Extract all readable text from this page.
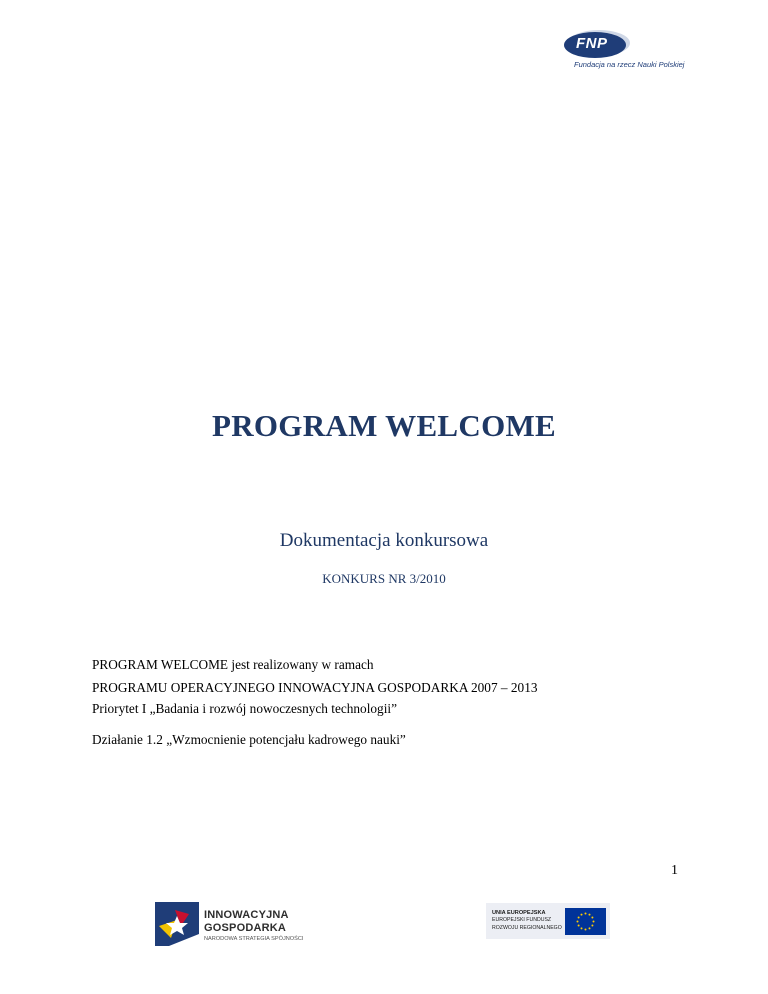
FNP
Fundacja na rzecz Nauki Polskiej
PROGRAM WELCOME
Dokumentacja konkursowa
KONKURS NR 3/2010
PROGRAM WELCOME jest realizowany w ramach
PROGRAMU OPERACYJNEGO INNOWACYJNA GOSPODARKA 2007 – 2013
Priorytet I „Badania i rozwój nowoczesnych technologii”
Działanie 1.2 „Wzmocnienie potencjału kadrowego nauki”
1
INNOWACYJNA
GOSPODARKA
NARODOWA STRATEGIA SPÓJNOŚCI
UNIA EUROPEJSKA
EUROPEJSKI FUNDUSZ
ROZWOJU REGIONALNEGO
